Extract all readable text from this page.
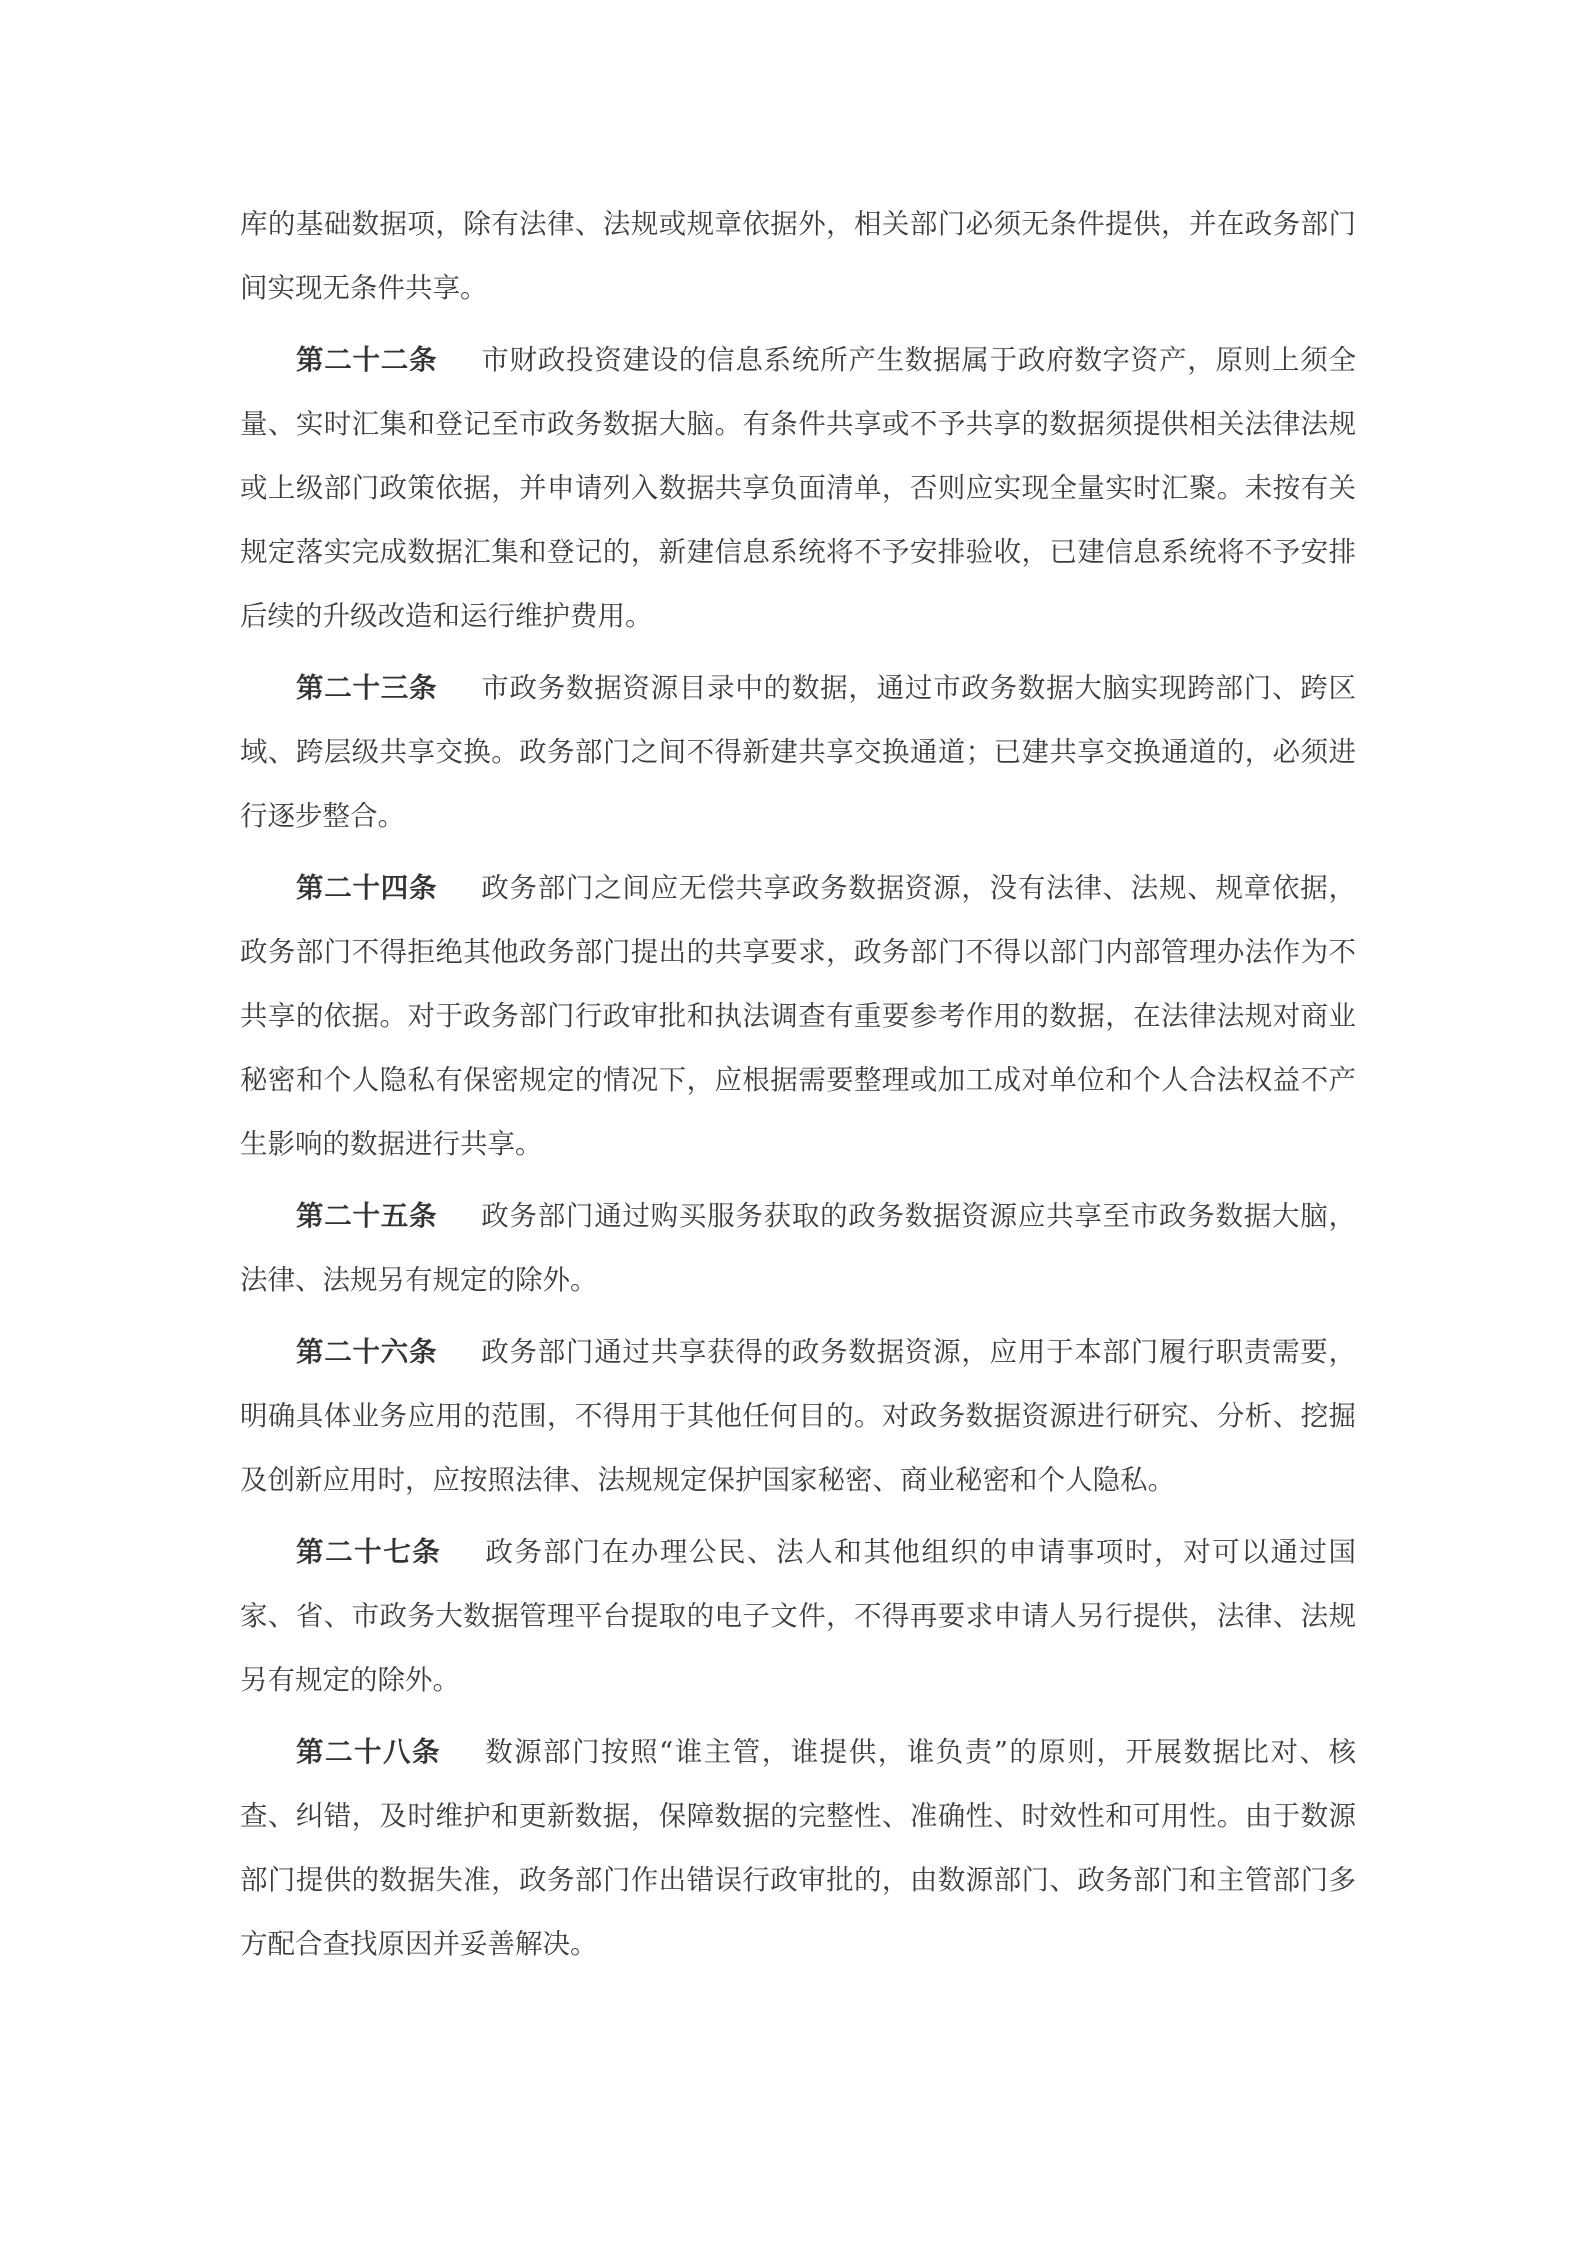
库的基础数据项，除有法律、法规或规章依据外，相关部门必须无条件提供，并在政务部门间实现无条件共享。

第二十二条 市财政投资建设的信息系统所产生数据属于政府数字资产，原则上须全量、实时汇集和登记至市政务数据大脑。有条件共享或不予共享的数据须提供相关法律法规或上级部门政策依据，并申请列入数据共享负面清单，否则应实现全量实时汇聚。未按有关规定落实完成数据汇集和登记的，新建信息系统将不予安排验收，已建信息系统将不予安排后续的升级改造和运行维护费用。

第二十三条 市政务数据资源目录中的数据，通过市政务数据大脑实现跨部门、跨区域、跨层级共享交换。政务部门之间不得新建共享交换通道；已建共享交换通道的，必须进行逐步整合。

第二十四条 政务部门之间应无偿共享政务数据资源，没有法律、法规、规章依据，政务部门不得拒绝其他政务部门提出的共享要求，政务部门不得以部门内部管理办法作为不共享的依据。对于政务部门行政审批和执法调查有重要参考作用的数据，在法律法规对商业秘密和个人隐私有保密规定的情况下，应根据需要整理或加工成对单位和个人合法权益不产生影响的数据进行共享。

第二十五条 政务部门通过购买服务获取的政务数据资源应共享至市政务数据大脑，法律、法规另有规定的除外。

第二十六条 政务部门通过共享获得的政务数据资源，应用于本部门履行职责需要，明确具体业务应用的范围，不得用于其他任何目的。对政务数据资源进行研究、分析、挖掘及创新应用时，应按照法律、法规规定保护国家秘密、商业秘密和个人隐私。

第二十七条 政务部门在办理公民、法人和其他组织的申请事项时，对可以通过国家、省、市政务大数据管理平台提取的电子文件，不得再要求申请人另行提供，法律、法规另有规定的除外。

第二十八条 数源部门按照“谁主管，谁提供，谁负责”的原则，开展数据比对、核查、纠错，及时维护和更新数据，保障数据的完整性、准确性、时效性和可用性。由于数源部门提供的数据失准，政务部门作出错误行政审批的，由数源部门、政务部门和主管部门多方配合查找原因并妥善解决。
